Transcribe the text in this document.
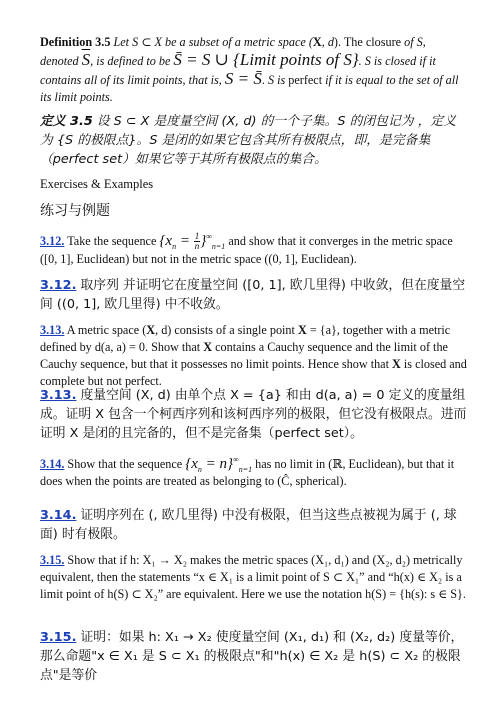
Definition 3.5 Let S ⊂ X be a subset of a metric space (X, d). The closure of S,
denoted $\overline{S}$, is defined to be S̄ = S ∪ {Limit points of S}. S is closed if it contains all of its limit points, that is, S = S̄. S is perfect if it is equal to the set of all its limit points.
定义 3.5 设 S ⊂ X 是度量空间 (X, d) 的一个子集。S 的闭包记为 ，定义为 {S 的极限点}。S 是闭的如果它包含其所有极限点，即，是完备集（perfect set）如果它等于其所有极限点的集合。
Exercises & Examples
练习与例题
3.12. Take the sequence $\{x_n = \frac{1}{n} \}^\infty_{n=1}$ and show that it converges in the metric space ([0, 1], Euclidean) but not in the metric space ((0, 1], Euclidean).
3.12. 取序列 并证明它在度量空间 ([0, 1], 欧几里得) 中收敛，但在度量空间 ((0, 1], 欧几里得) 中不收敛。
3.13. A metric space (X, d) consists of a single point X = {a}, together with a metric defined by d(a, a) = 0. Show that X contains a Cauchy sequence and the limit of the Cauchy sequence, but that it possesses no limit points. Hence show that X is closed and complete but not perfect.
3.13. 度量空间 (X, d) 由单个点 X = {a} 和由 d(a, a) = 0 定义的度量组成。证明 X 包含一个柯西序列和该柯西序列的极限，但它没有极限点。进而证明 X 是闭的且完备的，但不是完备集（perfect set）。
3.14. Show that the sequence $\{x_n = n\}^\infty_{n=1}$ has no limit in (ℝ, Euclidean), but that it does when the points are treated as belonging to (Ĉ, spherical).
3.14. 证明序列在 (, 欧几里得) 中没有极限，但当这些点被视为属于 (, 球面) 时有极限。
3.15. Show that if h: X₁ → X₂ makes the metric spaces (X₁, d₁) and (X₂, d₂) metrically equivalent, then the statements “x ∈ X₁ is a limit point of S ⊂ X₁” and “h(x) ∈ X₂ is a limit point of h(S) ⊂ X₂” are equivalent. Here we use the notation h(S) = {h(s): s ∈ S}.
3.15. 证明：如果 h: X₁ → X₂ 使度量空间 (X₁, d₁) 和 (X₂, d₂) 度量等价，那么命题"x ∈ X₁ 是 S ⊂ X₁ 的极限点"和"h(x) ∈ X₂ 是 h(S) ⊂ X₂ 的极限点"是等价
